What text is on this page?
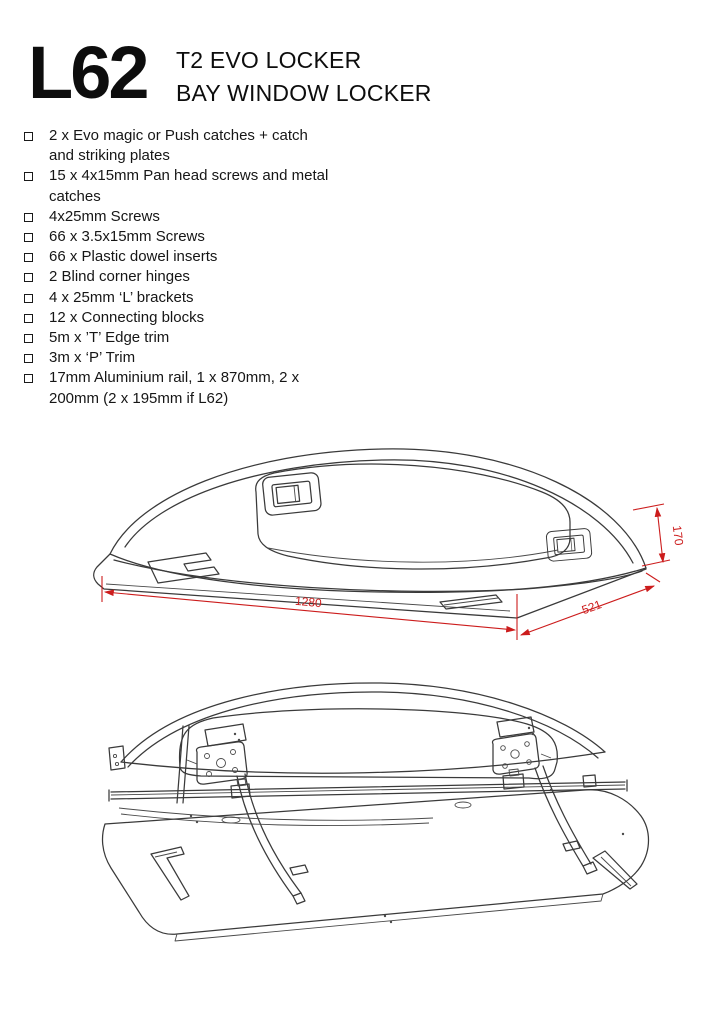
L62 T2 EVO LOCKER
BAY WINDOW LOCKER
2 x Evo magic or Push catches + catch and striking plates
15 x 4x15mm Pan head screws and metal catches
4x25mm Screws
66 x 3.5x15mm Screws
66 x Plastic dowel inserts
2 Blind corner hinges
4 x 25mm ‘L’ brackets
12 x Connecting blocks
5m x ’T’ Edge trim
3m x ‘P’ Trim
17mm Aluminium rail, 1 x 870mm, 2 x 200mm (2 x 195mm if L62)
1280	521
170
